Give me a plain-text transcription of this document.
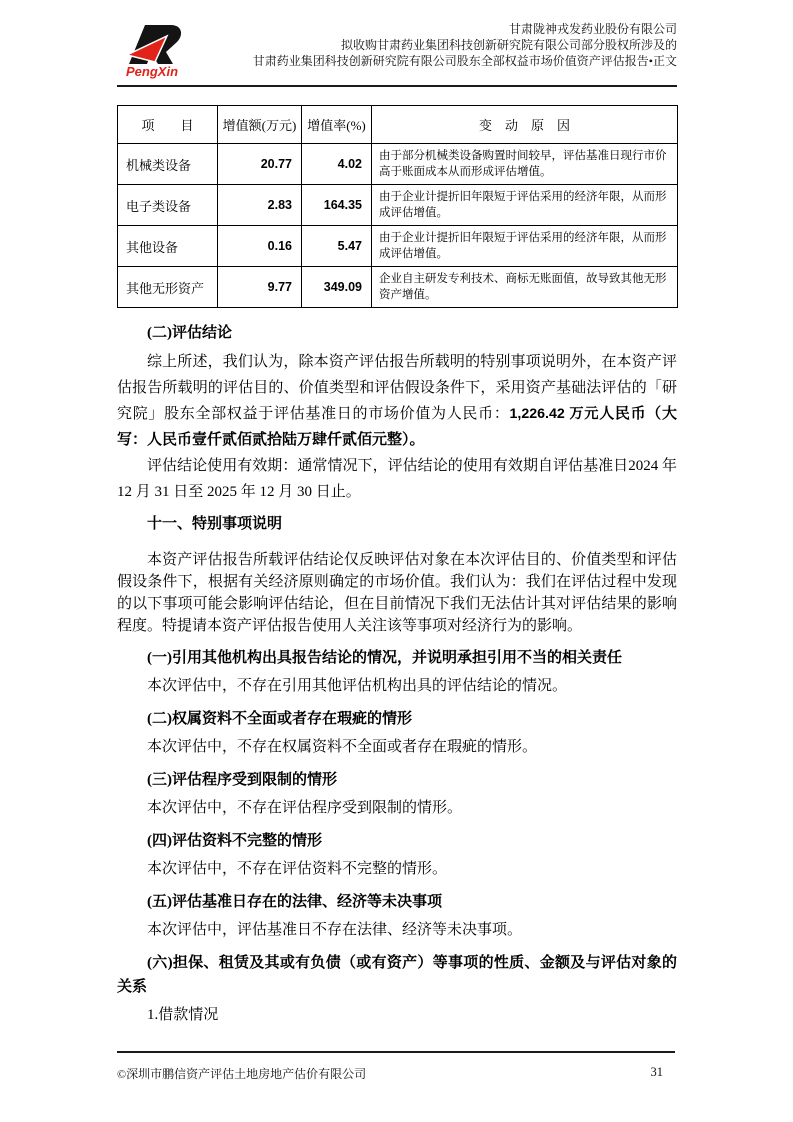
PengXin
甘肃陇神戎发药业股份有限公司
拟收购甘肃药业集团科技创新研究院有限公司部分股权所涉及的
甘肃药业集团科技创新研究院有限公司股东全部权益市场价值资产评估报告•正文
项　　目	增值额(万元)	增值率(%)	变　动　原　因
机械类设备	20.77	4.02	由于部分机械类设备购置时间较早，评估基准日现行市价高于账面成本从而形成评估增值。
电子类设备	2.83	164.35	由于企业计提折旧年限短于评估采用的经济年限，从而形成评估增值。
其他设备	0.16	5.47	由于企业计提折旧年限短于评估采用的经济年限，从而形成评估增值。
其他无形资产	9.77	349.09	企业自主研发专利技术、商标无账面值，故导致其他无形资产增值。

(二)评估结论

综上所述，我们认为，除本资产评估报告所载明的特别事项说明外，在本资产评估报告所载明的评估目的、价值类型和评估假设条件下，采用资产基础法评估的「研究院」股东全部权益于评估基准日的市场价值为人民币：1,226.42 万元人民币（大写：人民币壹仟贰佰贰拾陆万肆仟贰佰元整）。

评估结论使用有效期：通常情况下，评估结论的使用有效期自评估基准日2024 年 12 月 31 日至 2025 年 12 月 30 日止。

十一、特别事项说明

本资产评估报告所载评估结论仅反映评估对象在本次评估目的、价值类型和评估假设条件下，根据有关经济原则确定的市场价值。我们认为：我们在评估过程中发现的以下事项可能会影响评估结论，但在目前情况下我们无法估计其对评估结果的影响程度。特提请本资产评估报告使用人关注该等事项对经济行为的影响。

(一)引用其他机构出具报告结论的情况，并说明承担引用不当的相关责任

本次评估中，不存在引用其他评估机构出具的评估结论的情况。

(二)权属资料不全面或者存在瑕疵的情形

本次评估中，不存在权属资料不全面或者存在瑕疵的情形。

(三)评估程序受到限制的情形

本次评估中，不存在评估程序受到限制的情形。

(四)评估资料不完整的情形

本次评估中，不存在评估资料不完整的情形。

(五)评估基准日存在的法律、经济等未决事项

本次评估中，评估基准日不存在法律、经济等未决事项。

(六)担保、租赁及其或有负债（或有资产）等事项的性质、金额及与评估对象的关系

1.借款情况

©深圳市鹏信资产评估土地房地产估价有限公司	31
